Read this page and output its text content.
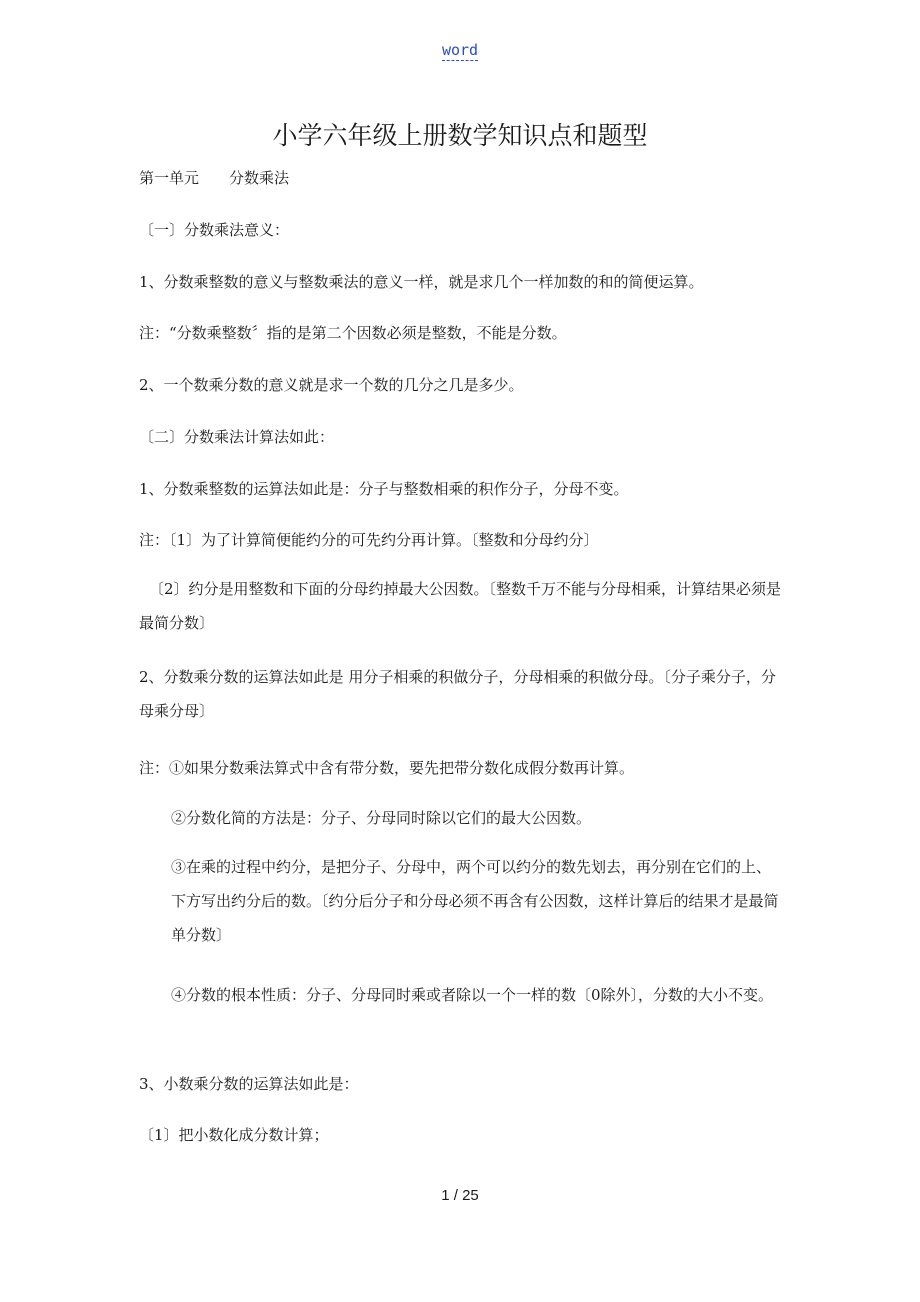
word
小学六年级上册数学知识点和题型
第一单元　　分数乘法
〔一〕分数乘法意义：
1、分数乘整数的意义与整数乘法的意义一样，就是求几个一样加数的和的简便运算。
注：“分数乘整数〞指的是第二个因数必须是整数，不能是分数。
2、一个数乘分数的意义就是求一个数的几分之几是多少。
〔二〕分数乘法计算法如此：
1、分数乘整数的运算法如此是：分子与整数相乘的积作分子，分母不变。
注：〔1〕为了计算简便能约分的可先约分再计算。〔整数和分母约分〕
〔2〕约分是用整数和下面的分母约掉最大公因数。〔整数千万不能与分母相乘，计算结果必须是最简分数〕
2、分数乘分数的运算法如此是 用分子相乘的积做分子，分母相乘的积做分母。〔分子乘分子，分母乘分母〕
注：①如果分数乘法算式中含有带分数，要先把带分数化成假分数再计算。
②分数化简的方法是：分子、分母同时除以它们的最大公因数。
③在乘的过程中约分，是把分子、分母中，两个可以约分的数先划去，再分别在它们的上、下方写出约分后的数。〔约分后分子和分母必须不再含有公因数，这样计算后的结果才是最简单分数〕
④分数的根本性质：分子、分母同时乘或者除以一个一样的数〔0除外〕，分数的大小不变。
3、小数乘分数的运算法如此是：
〔1〕把小数化成分数计算；
1 / 25
